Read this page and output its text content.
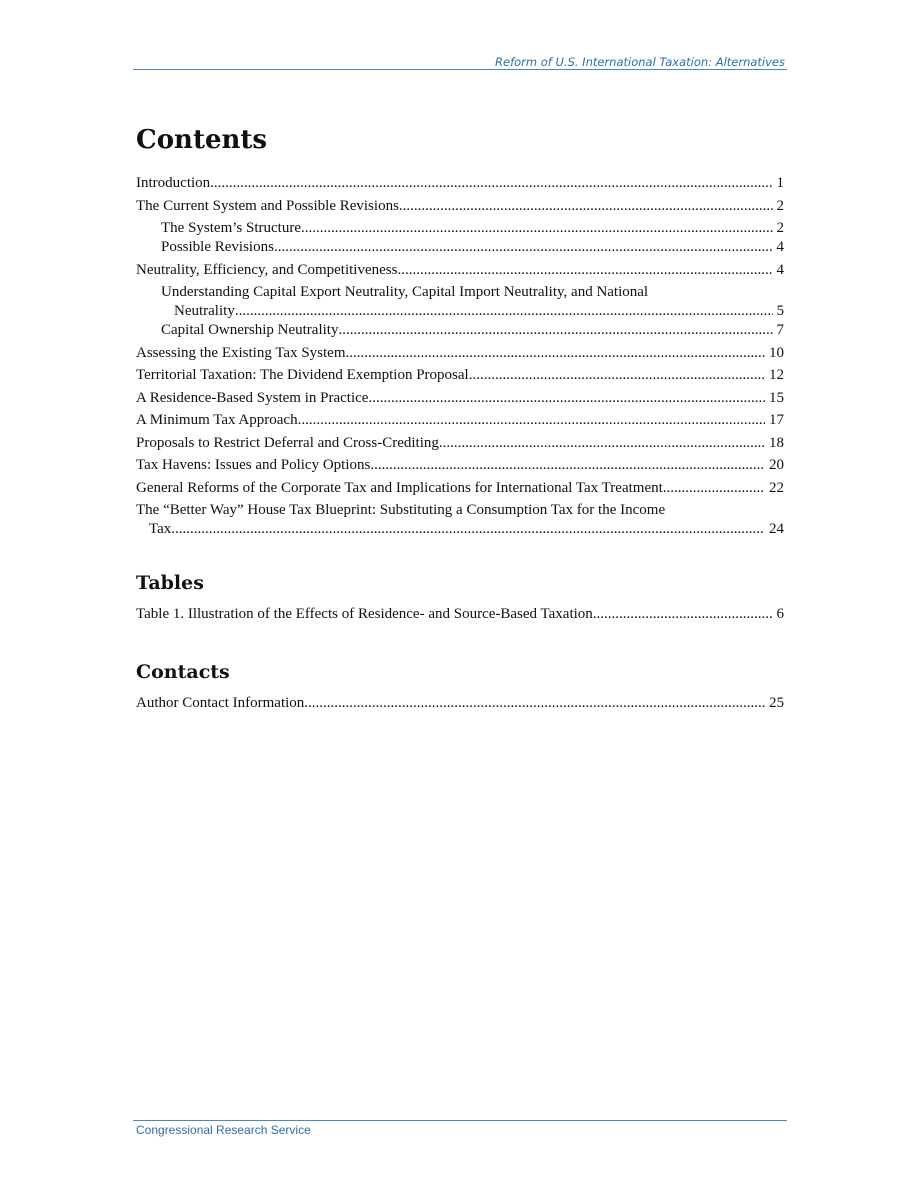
Reform of U.S. International Taxation: Alternatives
Contents
Introduction .....	1
The Current System and Possible Revisions .....	2
The System’s Structure .....	2
Possible Revisions .....	4
Neutrality, Efficiency, and Competitiveness .....	4
Understanding Capital Export Neutrality, Capital Import Neutrality, and National
Neutrality .....	5
Capital Ownership Neutrality .....	7
Assessing the Existing Tax System .....	10
Territorial Taxation: The Dividend Exemption Proposal .....	12
A Residence-Based System in Practice .....	15
A Minimum Tax Approach .....	17
Proposals to Restrict Deferral and Cross-Crediting .....	18
Tax Havens: Issues and Policy Options .....	20
General Reforms of the Corporate Tax and Implications for International Tax Treatment .....	22
The “Better Way” House Tax Blueprint: Substituting a Consumption Tax for the Income
Tax .....	24
Tables
Table 1. Illustration of the Effects of Residence- and Source-Based Taxation .....	6
Contacts
Author Contact Information .....	25
Congressional Research Service
